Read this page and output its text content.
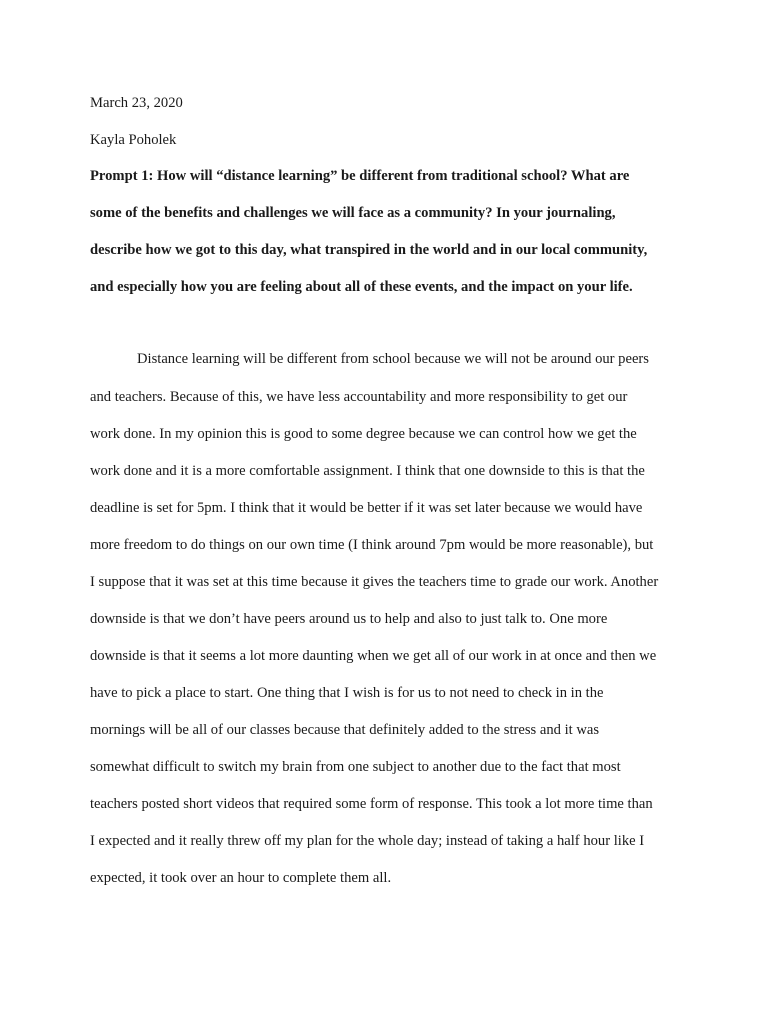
March 23, 2020

Kayla Poholek

Prompt 1: How will “distance learning” be different from traditional school? What are

some of the benefits and challenges we will face as a community? In your journaling,

describe how we got to this day, what transpired in the world and in our local community,

and especially how you are feeling about all of these events, and the impact on your life.

Distance learning will be different from school because we will not be around our peers

and teachers. Because of this, we have less accountability and more responsibility to get our

work done. In my opinion this is good to some degree because we can control how we get the

work done and it is a more comfortable assignment. I think that one downside to this is that the

deadline is set for 5pm. I think that it would be better if it was set later because we would have

more freedom to do things on our own time (I think around 7pm would be more reasonable), but

I suppose that it was set at this time because it gives the teachers time to grade our work. Another

downside is that we don’t have peers around us to help and also to just talk to. One more

downside is that it seems a lot more daunting when we get all of our work in at once and then we

have to pick a place to start. One thing that I wish is for us to not need to check in in the

mornings will be all of our classes because that definitely added to the stress and it was

somewhat difficult to switch my brain from one subject to another due to the fact that most

teachers posted short videos that required some form of response. This took a lot more time than

I expected and it really threw off my plan for the whole day; instead of taking a half hour like I

expected, it took over an hour to complete them all.
